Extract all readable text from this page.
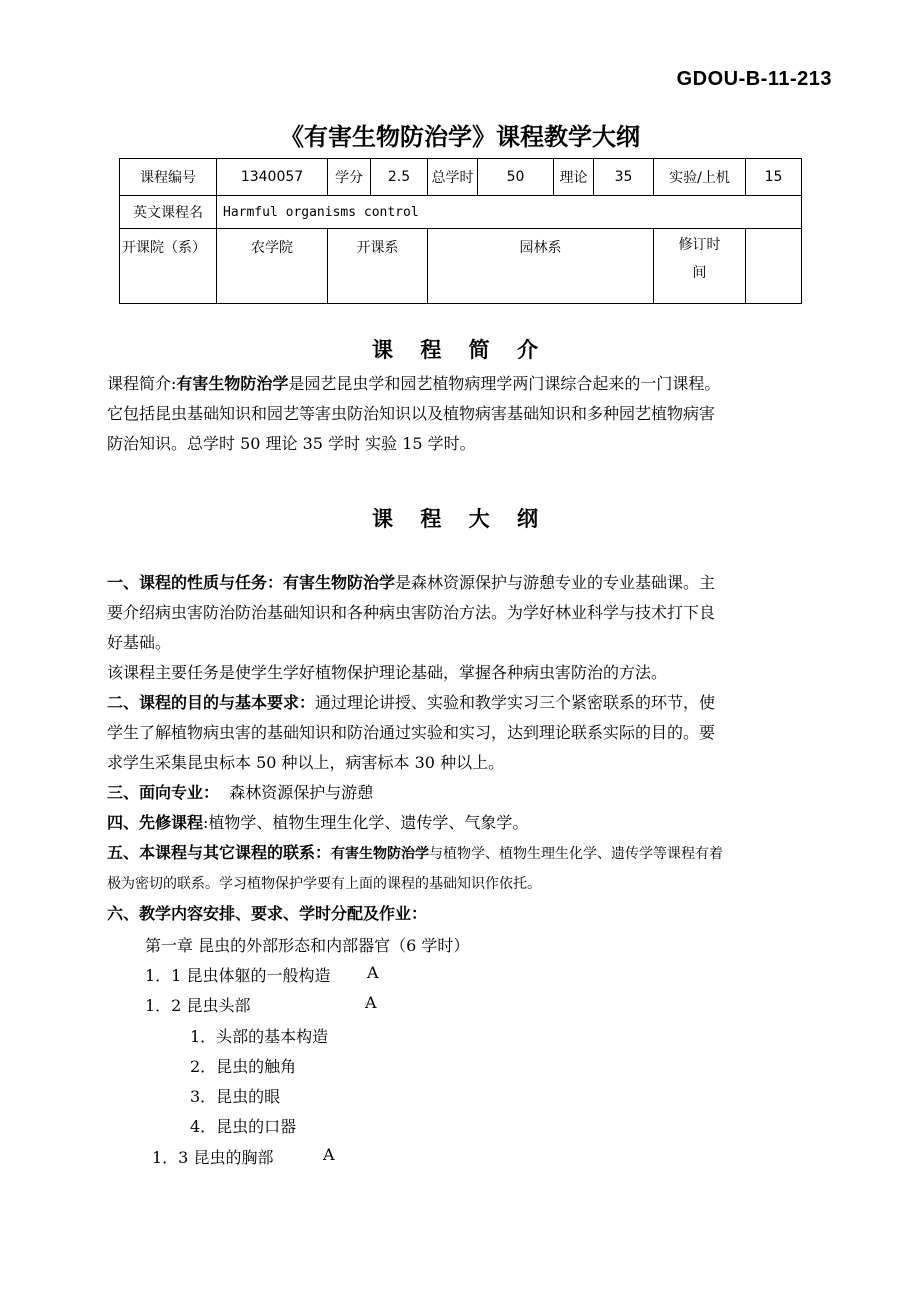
GDOU-B-11-213
《有害生物防治学》课程教学大纲
课程编号	1340057	学分	2.5	总学时	50	理论	35	实验/上机	15
英文课程名	Harmful organisms control								
开课院（系）	农学院	开课系		园林系				修订时
间	
课 程 简 介
课程简介:有害生物防治学是园艺昆虫学和园艺植物病理学两门课综合起来的一门课程。
它包括昆虫基础知识和园艺等害虫防治知识以及植物病害基础知识和多种园艺植物病害
防治知识。总学时 50 理论 35 学时 实验 15 学时。
课 程 大 纲
一、课程的性质与任务：有害生物防治学是森林资源保护与游憩专业的专业基础课。主
要介绍病虫害防治防治基础知识和各种病虫害防治方法。为学好林业科学与技术打下良
好基础。
该课程主要任务是使学生学好植物保护理论基础，掌握各种病虫害防治的方法。
二、课程的目的与基本要求：通过理论讲授、实验和教学实习三个紧密联系的环节，使
学生了解植物病虫害的基础知识和防治通过实验和实习，达到理论联系实际的目的。要
求学生采集昆虫标本 50 种以上，病害标本 30 种以上。
三、面向专业： 森林资源保护与游憩
四、先修课程:植物学、植物生理生化学、遗传学、气象学。
五、本课程与其它课程的联系：有害生物防治学与植物学、植物生理生化学、遗传学等课程有着
极为密切的联系。学习植物保护学要有上面的课程的基础知识作依托。
六、教学内容安排、要求、学时分配及作业：
第一章 昆虫的外部形态和内部器官（6 学时）
1．1 昆虫体躯的一般构造 A
1．2 昆虫头部	A
1．头部的基本构造
2．昆虫的触角
3．昆虫的眼
4．昆虫的口器
1．3 昆虫的胸部	A
